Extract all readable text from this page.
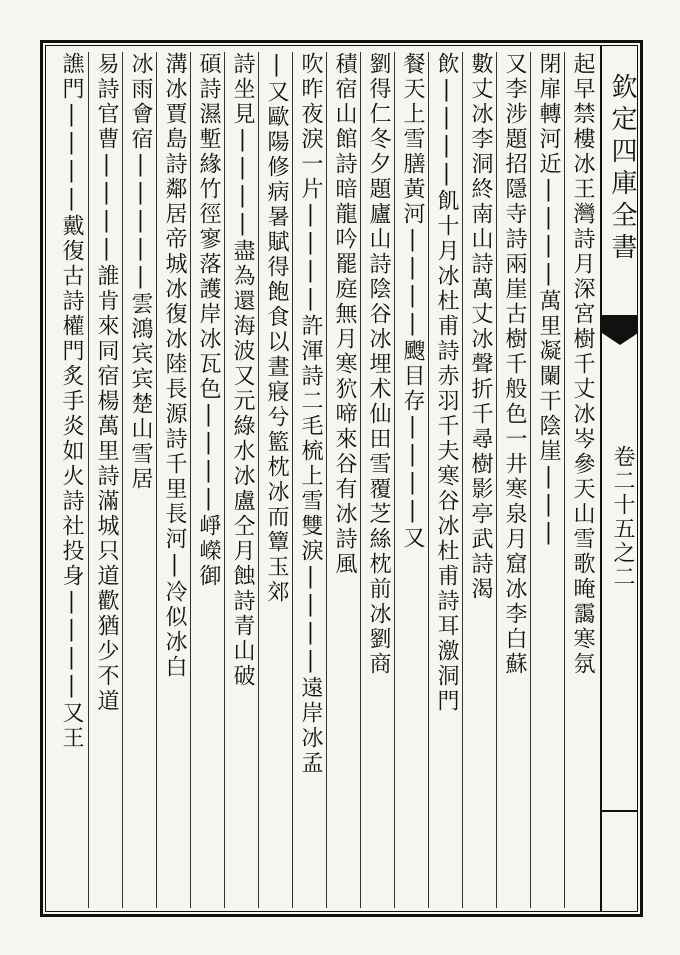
欽定四庫全書
卷二十五之二
起早禁樓冰王灣詩月深宮樹千丈冰岑參天山雪歌晻靄寒氛
閉扉轉河近||||萬里凝闌干陰崖|||
又李涉題招隱寺詩兩崖古樹千般色一井寒泉月窟冰李白蘇
數丈冰李洞終南山詩萬丈冰聲折千尋樹影亭武詩渴
飲||||飢十月冰杜甫詩赤羽千夫寒谷冰杜甫詩耳激洞門
餐天上雪膳黃河||||颼目存||||又
劉得仁冬夕題廬山詩陰谷冰埋术仙田雪覆芝絲枕前冰劉商
積宿山館詩暗龍吟罷庭無月寒狖啼來谷有冰詩風
吹昨夜淚一片||||許渾詩二毛梳上雪雙淚||||遠岸冰孟
|又歐陽修病暑賦得飽食以晝寢兮籃枕冰而簟玉郊
詩坐見||||盡為還海波又元綠水冰盧仝月蝕詩青山破
碩詩濕塹緣竹徑寥落護岸冰瓦色||||崢嶸御
溝冰賈島詩鄰居帝城冰復冰陸長源詩千里長河|冷似冰白
冰雨會宿|||||雲鴻宾宾楚山雪居
易詩官曹||||誰肯來同宿楊萬里詩滿城只道歡猶少不道
譙門||||戴復古詩權門炙手炎如火詩社投身||||又王
